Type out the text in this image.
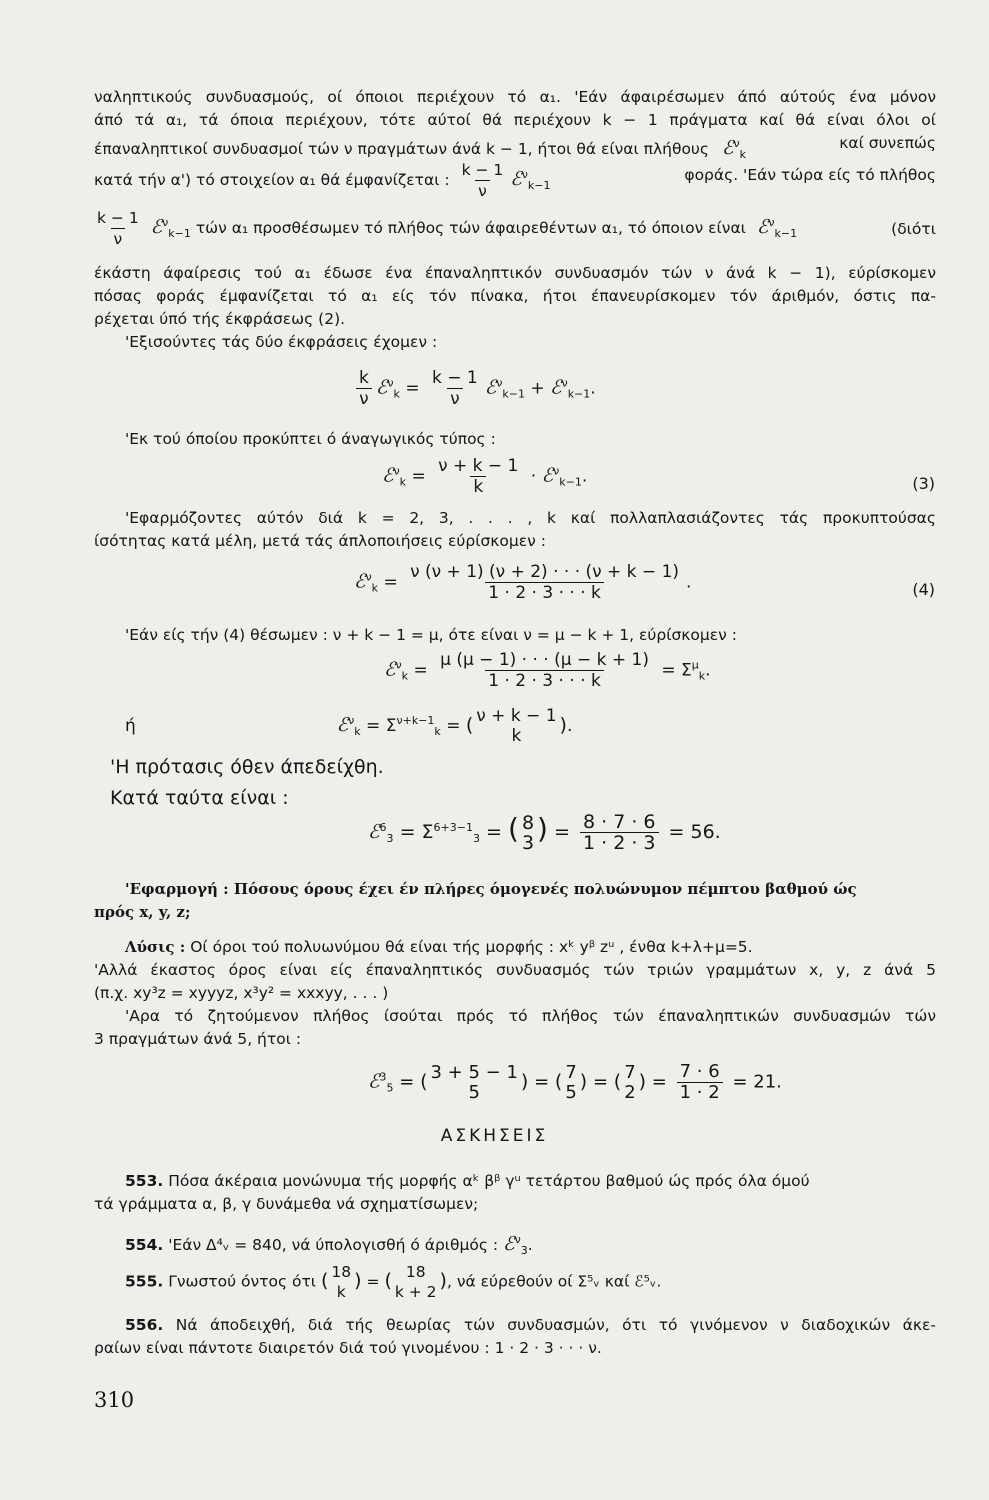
ναληπτικούς συνδυασμούς, οί όποιοι περιέχουν τό α₁. 'Εάν άφαιρέσωμεν άπό αύτούς ένα μόνον
άπό τά α₁, τά όποια περιέχουν, τότε αύτοί θά περιέχουν k − 1 πράγματα καί θά είναι όλοι οί
έπαναληπτικοί συνδυασμοί τών ν πραγμάτων άνά k − 1, ήτοι θά είναι πλήθους ℰ$^\nu_k$
καί συνεπώς
κατά τήν α') τό στοιχείον α₁ θά έμφανίζεται : $\frac{k - 1}{\nu}$ ℰ$^\nu_{k-1}$
φοράς. 'Εάν τώρα είς τό πλήθος
$\frac{k - 1}{\nu}$ ℰ$^\nu_{k-1}$ τών α₁ προσθέσωμεν τό πλήθος τών άφαιρεθέντων α₁, τό όποιον είναι ℰ$^\nu_{k-1}$	(διότι
έκάστη άφαίρεσις τού α₁ έδωσε ένα έπαναληπτικόν συνδυασμόν τών ν άνά k − 1), εύρίσκομεν
πόσας φοράς έμφανίζεται τό α₁ είς τόν πίνακα, ήτοι έπανευρίσκομεν τόν άριθμόν, όστις πα-
ρέχεται ύπό τής έκφράσεως (2).
'Εξισούντες τάς δύο έκφράσεις έχομεν :
$\frac{k}{\nu}$ ℰ$^\nu_k$ = $\frac{k - 1}{\nu}$ ℰ$^\nu_{k-1}$ + ℰ$^\nu_{k-1}$.
'Εκ τού όποίου προκύπτει ό άναγωγικός τύπος :
ℰ$^\nu_k$ = $\frac{\nu + k - 1}{k}$ · ℰ$^\nu_{k-1}$.	(3)
'Εφαρμόζοντες αύτόν διά k = 2, 3, . . . , k καί πολλαπλασιάζοντες τάς προκυπτούσας
ίσότητας κατά μέλη, μετά τάς άπλοποιήσεις εύρίσκομεν :
ℰ$^\nu_k$ = $\frac{\nu (\nu + 1) (\nu + 2) \cdot \cdot \cdot (\nu + k - 1)}{1 \cdot 2 \cdot 3 \cdot \cdot \cdot k}$ .	(4)
'Εάν είς τήν (4) θέσωμεν : ν + k − 1 = μ, ότε είναι ν = μ − k + 1, εύρίσκομεν :
ℰ$^\nu_k$ = $\frac{\mu (\mu - 1) \cdot \cdot \cdot (\mu - k + 1)}{1 \cdot 2 \cdot 3 \cdot \cdot \cdot k} = \Sigma^\mu_k$.
ή	ℰ$^\nu_k$ = $\Sigma^{\nu+k-1}_k$ = ( ν + k − 1
k ).
'Η πρότασις όθεν άπεδείχθη.
Κατά ταύτα είναι :
ℰ$^6_3$ = $\Sigma^{6+3-1}_3$ = ( 8
3 ) = $\frac{8 \cdot 7 \cdot 6}{1 \cdot 2 \cdot 3} = 56$.
'Εφαρμογή : Πόσους όρους έχει έν πλήρες όμογενές πολυώνυμον πέμπτου βαθμού ώς
πρός x, y, z;
Λύσις : Οί όροι τού πολυωνύμου θά είναι τής μορφής : xᵏ yᵝ zᵘ , ένθα k+λ+μ=5.
'Αλλά έκαστος όρος είναι είς έπαναληπτικός συνδυασμός τών τριών γραμμάτων x, y, z άνά 5
(π.χ. xy³z = xyyyz, x³y² = xxxyy, . . . )
'Αρα τό ζητούμενον πλήθος ίσούται πρός τό πλήθος τών έπαναληπτικών συνδυασμών τών
3 πραγμάτων άνά 5, ήτοι :
ℰ$^3_5$ = ( 3 + 5 − 1
5 ) = ( 7
5 ) = ( 7
2 ) = $\frac{7 \cdot 6}{1 \cdot 2} = 21$.
ΑΣΚΗΣΕΙΣ
553. Πόσα άκέραια μονώνυμα τής μορφής αᵏ βᵝ γᵘ τετάρτου βαθμού ώς πρός όλα όμού
τά γράμματα α, β, γ δυνάμεθα νά σχηματίσωμεν;
554. 'Εάν Δ⁴ᵥ = 840, νά ύπολογισθή ό άριθμός : ℰ$^\nu_3$.
555. Γνωστού όντος ότι ( 18
k
) = ( 18
k + 2
), νά εύρεθούν οί Σ⁵ᵥ καί ℰ⁵ᵥ.
556. Νά άποδειχθή, διά τής θεωρίας τών συνδυασμών, ότι τό γινόμενον ν διαδοχικών άκε-
ραίων είναι πάντοτε διαιρετόν διά τού γινομένου : 1 · 2 · 3 · · · ν.
310
